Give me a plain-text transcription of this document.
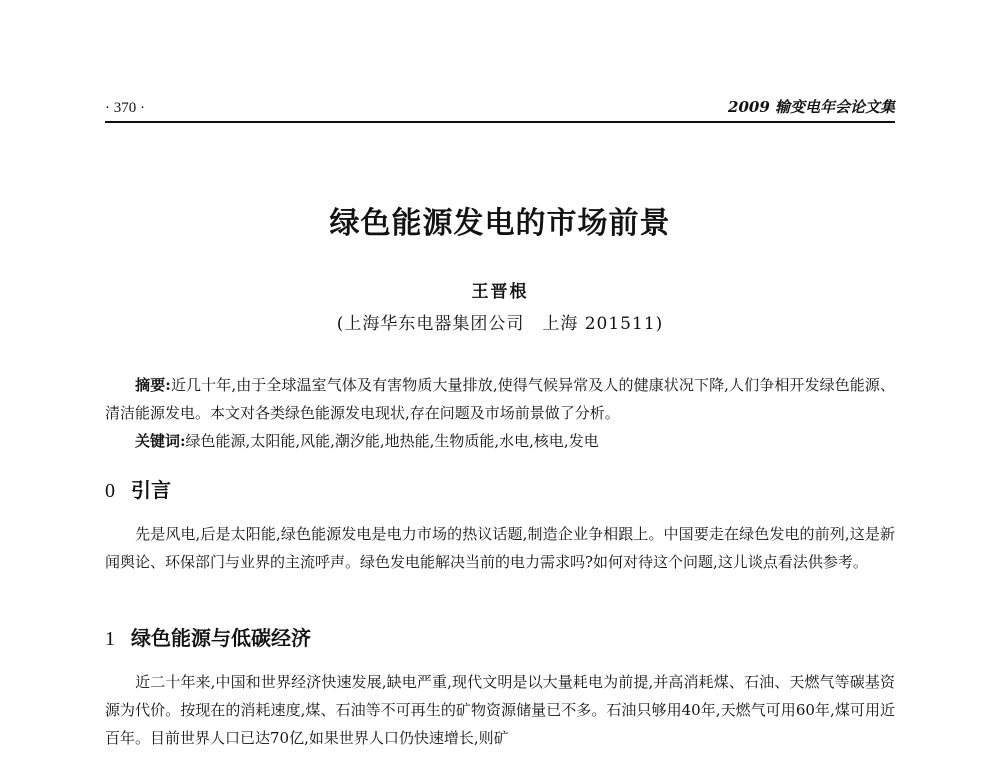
· 370 ·	2009 输变电年会论文集
绿色能源发电的市场前景
王晋根
(上海华东电器集团公司　上海 201511)
摘要:近几十年,由于全球温室气体及有害物质大量排放,使得气候异常及人的健康状况下降,人们争相开发绿色能源、清洁能源发电。本文对各类绿色能源发电现状,存在问题及市场前景做了分析。
关键词:绿色能源,太阳能,风能,潮汐能,地热能,生物质能,水电,核电,发电
0 引言
先是风电,后是太阳能,绿色能源发电是电力市场的热议话题,制造企业争相跟上。中国要走在绿色发电的前列,这是新闻舆论、环保部门与业界的主流呼声。绿色发电能解决当前的电力需求吗?如何对待这个问题,这儿谈点看法供参考。
1 绿色能源与低碳经济
近二十年来,中国和世界经济快速发展,缺电严重,现代文明是以大量耗电为前提,并高消耗煤、石油、天燃气等碳基资源为代价。按现在的消耗速度,煤、石油等不可再生的矿物资源储量已不多。石油只够用40年,天燃气可用60年,煤可用近百年。目前世界人口已达70亿,如果世界人口仍快速增长,则矿
